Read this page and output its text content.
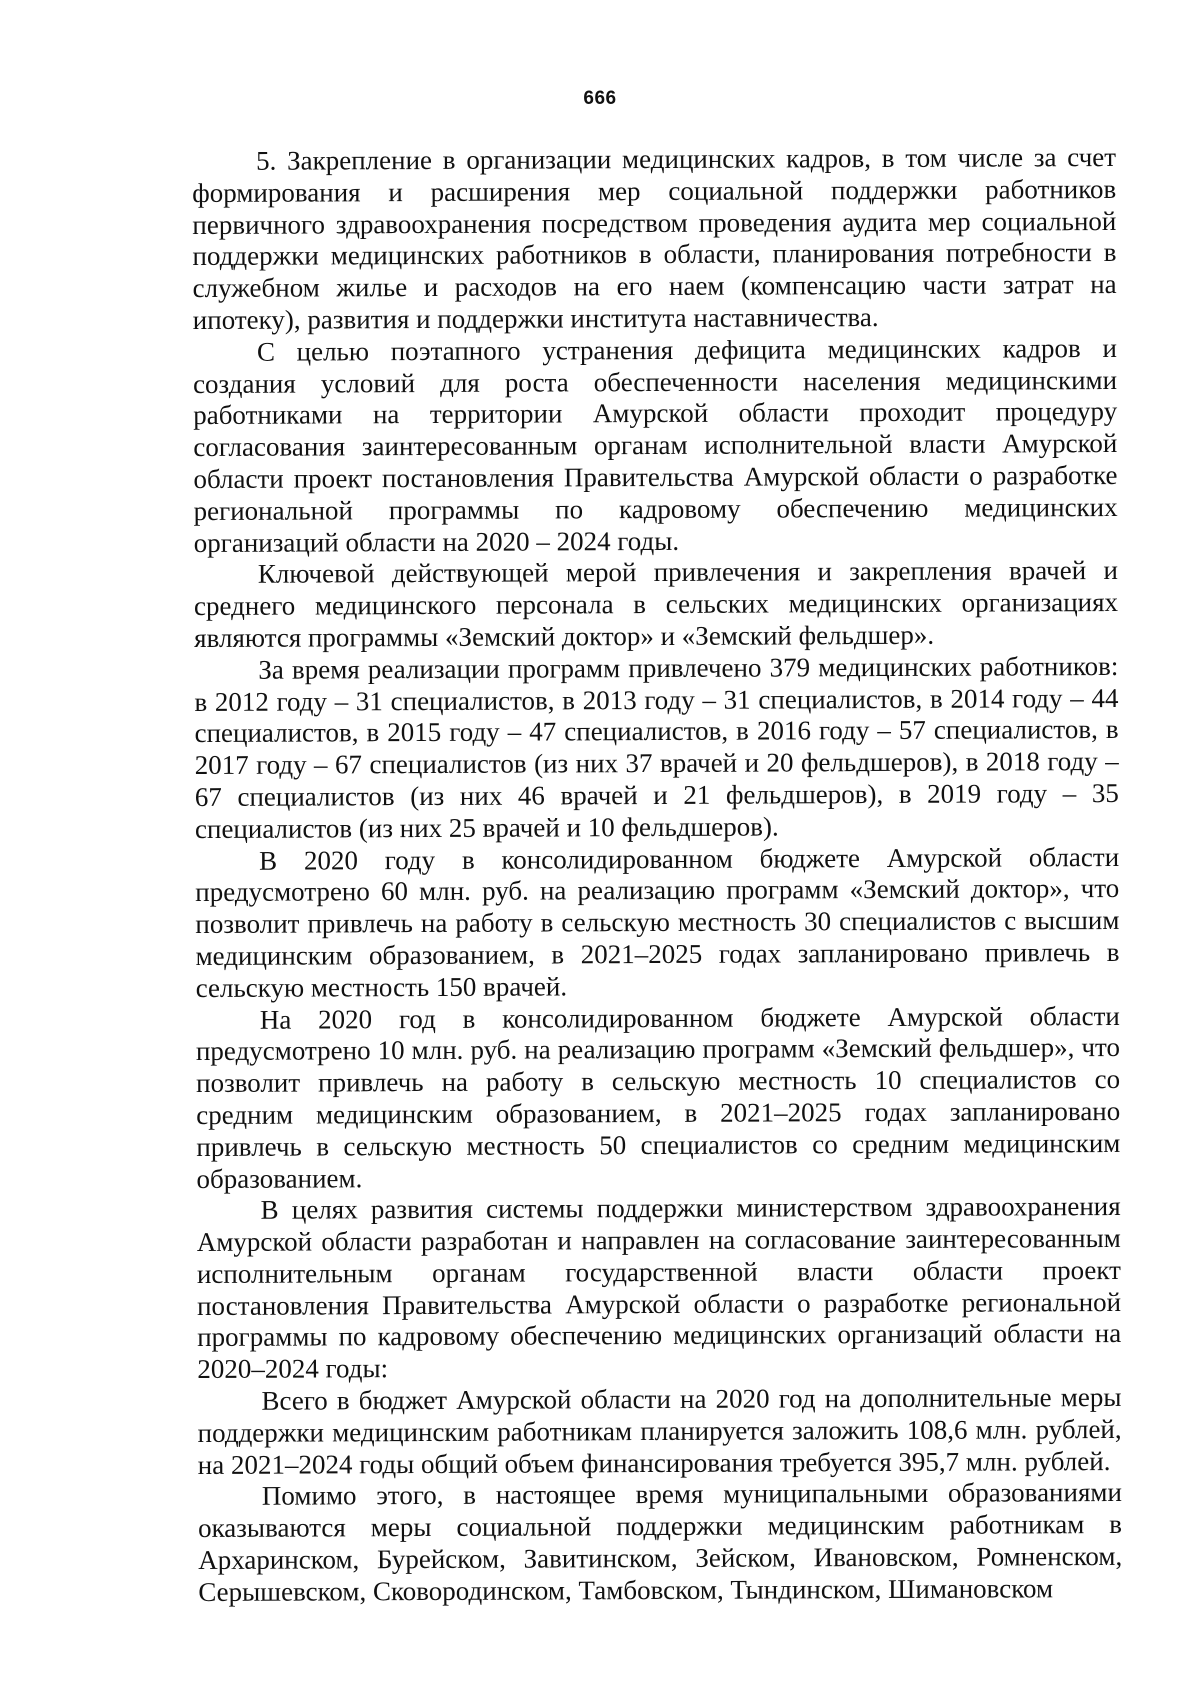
666

5. Закрепление в организации медицинских кадров, в том числе за счет формирования и расширения мер социальной поддержки работников первичного здравоохранения посредством проведения аудита мер социальной поддержки медицинских работников в области, планирования потребности в служебном жилье и расходов на его наем (компенсацию части затрат на ипотеку), развития и поддержки института наставничества.

С целью поэтапного устранения дефицита медицинских кадров и создания условий для роста обеспеченности населения медицинскими работниками на территории Амурской области проходит процедуру согласования заинтересованным органам исполнительной власти Амурской области проект постановления Правительства Амурской области о разработке региональной программы по кадровому обеспечению медицинских организаций области на 2020 – 2024 годы.

Ключевой действующей мерой привлечения и закрепления врачей и среднего медицинского персонала в сельских медицинских организациях являются программы «Земский доктор» и «Земский фельдшер».

За время реализации программ привлечено 379 медицинских работников: в 2012 году – 31 специалистов, в 2013 году – 31 специалистов, в 2014 году – 44 специалистов, в 2015 году – 47 специалистов, в 2016 году – 57 специалистов, в 2017 году – 67 специалистов (из них 37 врачей и 20 фельдшеров), в 2018 году – 67 специалистов (из них 46 врачей и 21 фельдшеров), в 2019 году – 35 специалистов (из них 25 врачей и 10 фельдшеров).

В 2020 году в консолидированном бюджете Амурской области предусмотрено 60 млн. руб. на реализацию программ «Земский доктор», что позволит привлечь на работу в сельскую местность 30 специалистов с высшим медицинским образованием, в 2021–2025 годах запланировано привлечь в сельскую местность 150 врачей.

На 2020 год в консолидированном бюджете Амурской области предусмотрено 10 млн. руб. на реализацию программ «Земский фельдшер», что позволит привлечь на работу в сельскую местность 10 специалистов со средним медицинским образованием, в 2021–2025 годах запланировано привлечь в сельскую местность 50 специалистов со средним медицинским образованием.

В целях развития системы поддержки министерством здравоохранения Амурской области разработан и направлен на согласование заинтересованным исполнительным органам государственной власти области проект постановления Правительства Амурской области о разработке региональной программы по кадровому обеспечению медицинских организаций области на 2020–2024 годы:

Всего в бюджет Амурской области на 2020 год на дополнительные меры поддержки медицинским работникам планируется заложить 108,6 млн. рублей, на 2021–2024 годы общий объем финансирования требуется 395,7 млн. рублей.

Помимо этого, в настоящее время муниципальными образованиями оказываются меры социальной поддержки медицинским работникам в Архаринском, Бурейском, Завитинском, Зейском, Ивановском, Ромненском, Серышевском, Сковородинском, Тамбовском, Тындинском, Шимановском
